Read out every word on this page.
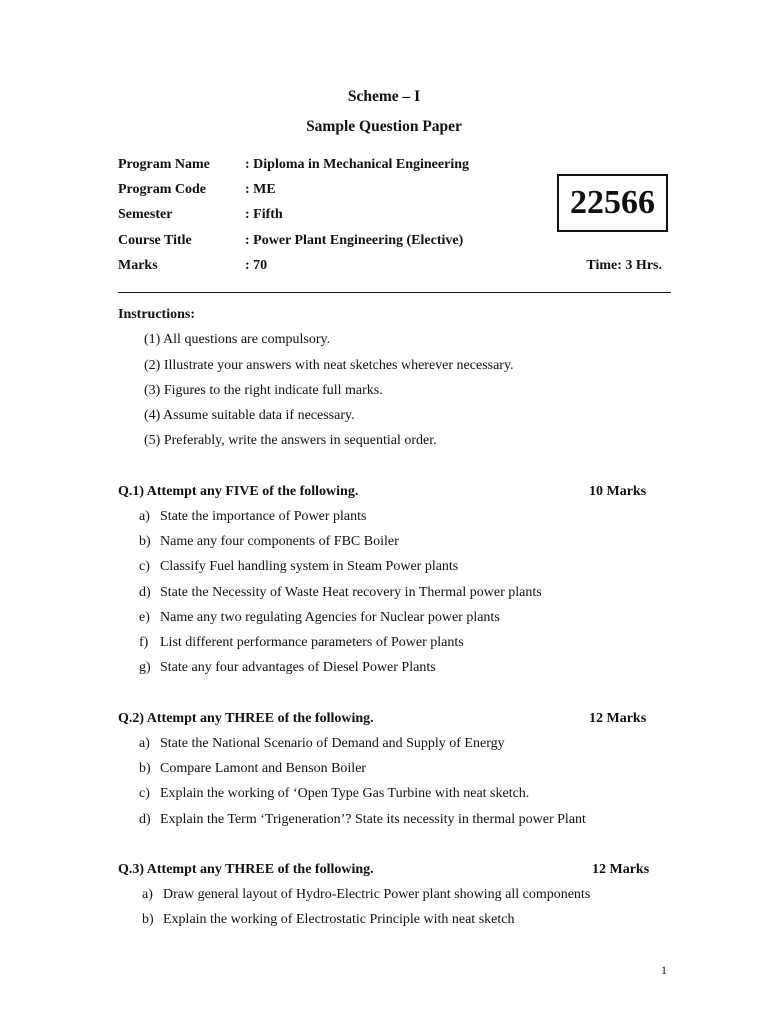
Scheme – I
Sample Question Paper
Program Name	: Diploma in Mechanical Engineering
Program Code	: ME
Semester	: Fifth
Course Title	: Power Plant Engineering (Elective)
Marks	: 70
22566
Time: 3 Hrs.
Instructions:
(1) All questions are compulsory.
(2) Illustrate your answers with neat sketches wherever necessary.
(3) Figures to the right indicate full marks.
(4) Assume suitable data if necessary.
(5) Preferably, write the answers in sequential order.
Q.1) Attempt any FIVE of the following.	10 Marks
a) State the importance of Power plants
b) Name any four components of FBC Boiler
c) Classify Fuel handling system in Steam Power plants
d) State the Necessity of Waste Heat recovery in Thermal power plants
e) Name any two regulating Agencies for Nuclear power plants
f) List different performance parameters of Power plants
g) State any four advantages of Diesel Power Plants
Q.2) Attempt any THREE of the following.	12 Marks
a) State the National Scenario of Demand and Supply of Energy
b) Compare Lamont and Benson Boiler
c) Explain the working of ‘Open Type Gas Turbine with neat sketch.
d) Explain the Term ‘Trigeneration’? State its necessity in thermal power Plant
Q.3) Attempt any THREE of the following.	12 Marks
a) Draw general layout of Hydro-Electric Power plant showing all components
b) Explain the working of Electrostatic Principle with neat sketch
1
